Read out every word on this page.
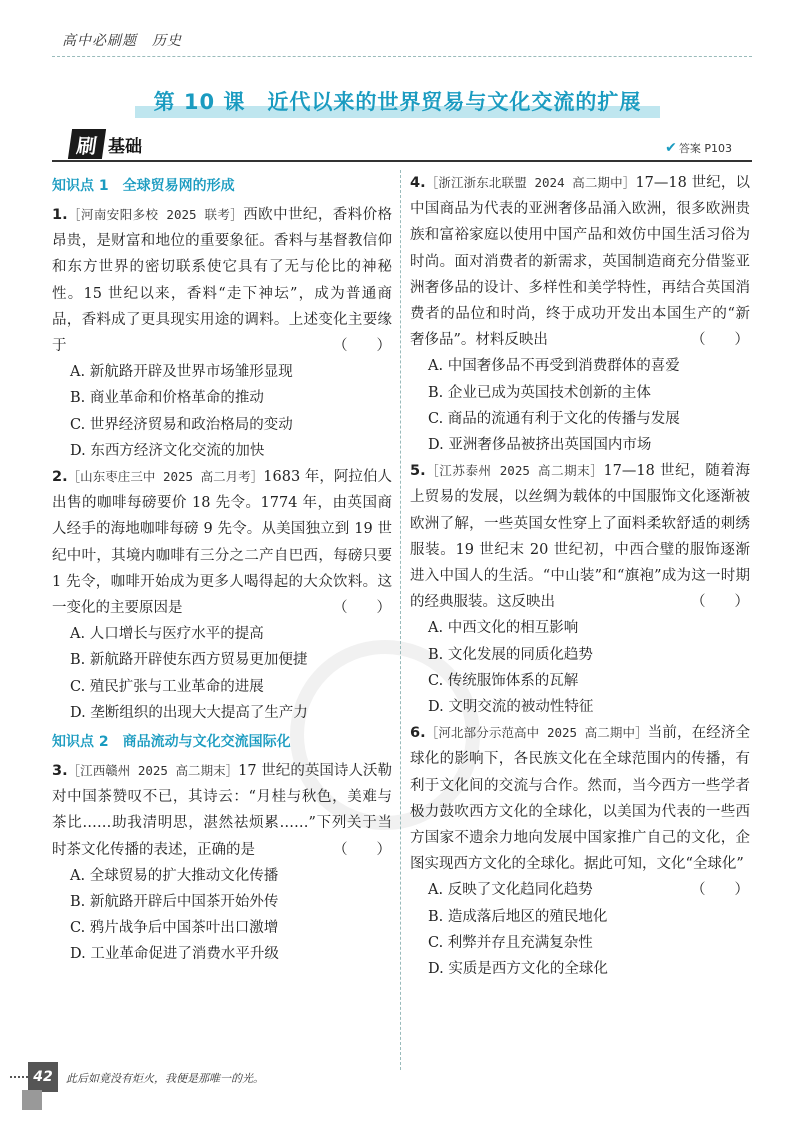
高中必刷题　历史
第 10 课　近代以来的世界贸易与文化交流的扩展
刷 基础	✔ 答案 P103
知识点 1　全球贸易网的形成
1.［河南安阳多校 2025 联考］西欧中世纪，香料价格昂贵，是财富和地位的重要象征。香料与基督教信仰和东方世界的密切联系使它具有了无与伦比的神秘性。15 世纪以来，香料“走下神坛”，成为普通商品，香料成了更具现实用途的调料。上述变化主要缘于	（　　）
A. 新航路开辟及世界市场雏形显现
B. 商业革命和价格革命的推动
C. 世界经济贸易和政治格局的变动
D. 东西方经济文化交流的加快
2.［山东枣庄三中 2025 高二月考］1683 年，阿拉伯人出售的咖啡每磅要价 18 先令。1774 年，由英国商人经手的海地咖啡每磅 9 先令。从美国独立到 19 世纪中叶，其境内咖啡有三分之二产自巴西，每磅只要 1 先令，咖啡开始成为更多人喝得起的大众饮料。这一变化的主要原因是	（　　）
A. 人口增长与医疗水平的提高
B. 新航路开辟使东西方贸易更加便捷
C. 殖民扩张与工业革命的进展
D. 垄断组织的出现大大提高了生产力
知识点 2　商品流动与文化交流国际化
3.［江西赣州 2025 高二期末］17 世纪的英国诗人沃勒对中国茶赞叹不已，其诗云：“月桂与秋色，美难与茶比……助我清明思，湛然祛烦累……”下列关于当时茶文化传播的表述，正确的是	（　　）
A. 全球贸易的扩大推动文化传播
B. 新航路开辟后中国茶开始外传
C. 鸦片战争后中国茶叶出口激增
D. 工业革命促进了消费水平升级
4.［浙江浙东北联盟 2024 高二期中］17—18 世纪，以中国商品为代表的亚洲奢侈品涌入欧洲，很多欧洲贵族和富裕家庭以使用中国产品和效仿中国生活习俗为时尚。面对消费者的新需求，英国制造商充分借鉴亚洲奢侈品的设计、多样性和美学特性，再结合英国消费者的品位和时尚，终于成功开发出本国生产的“新奢侈品”。材料反映出	（　　）
A. 中国奢侈品不再受到消费群体的喜爱
B. 企业已成为英国技术创新的主体
C. 商品的流通有利于文化的传播与发展
D. 亚洲奢侈品被挤出英国国内市场
5.［江苏泰州 2025 高二期末］17—18 世纪，随着海上贸易的发展，以丝绸为载体的中国服饰文化逐渐被欧洲了解，一些英国女性穿上了面料柔软舒适的刺绣服装。19 世纪末 20 世纪初，中西合璧的服饰逐渐进入中国人的生活。“中山装”和“旗袍”成为这一时期的经典服装。这反映出	（　　）
A. 中西文化的相互影响
B. 文化发展的同质化趋势
C. 传统服饰体系的瓦解
D. 文明交流的被动性特征
6.［河北部分示范高中 2025 高二期中］当前，在经济全球化的影响下，各民族文化在全球范围内的传播，有利于文化间的交流与合作。然而，当今西方一些学者极力鼓吹西方文化的全球化，以美国为代表的一些西方国家不遗余力地向发展中国家推广自己的文化，企图实现西方文化的全球化。据此可知，文化“全球化”
（　　）
A. 反映了文化趋同化趋势
B. 造成落后地区的殖民地化
C. 利弊并存且充满复杂性
D. 实质是西方文化的全球化
42	此后如竟没有炬火，我便是那唯一的光。
